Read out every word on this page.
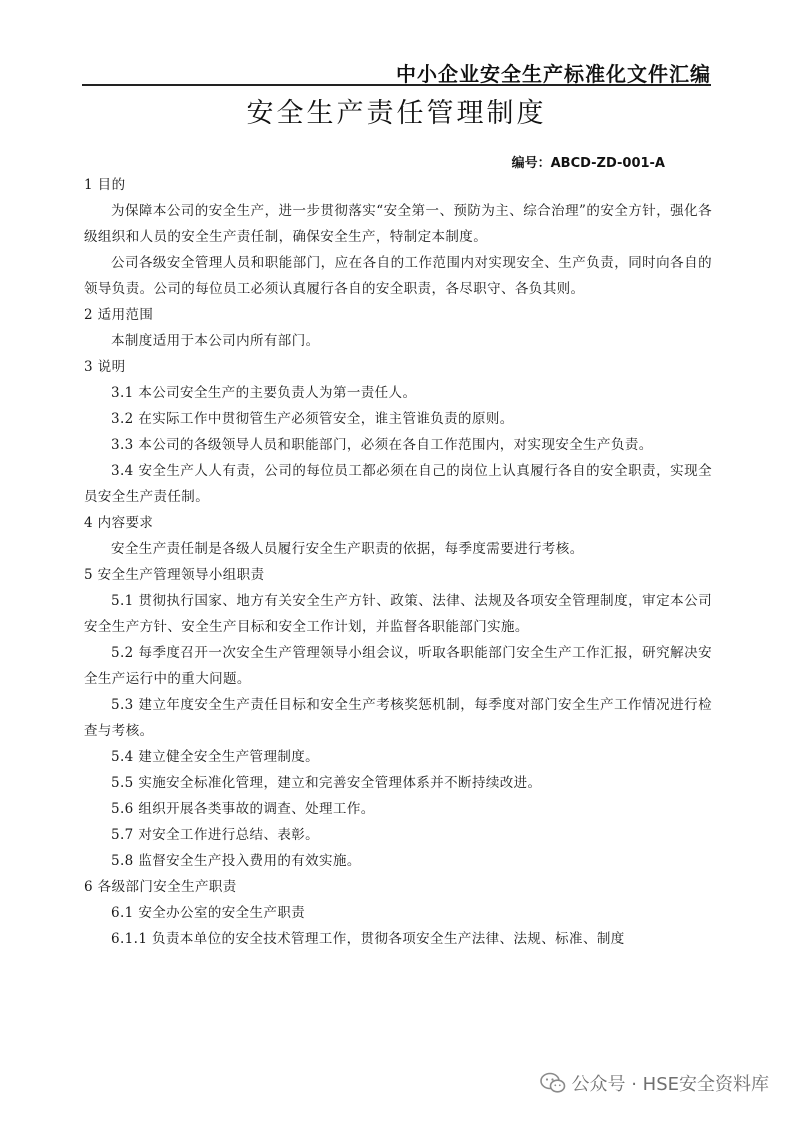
中小企业安全生产标准化文件汇编
安全生产责任管理制度
编号：ABCD-ZD-001-A

1 目的

为保障本公司的安全生产，进一步贯彻落实“安全第一、预防为主、综合治理”的安全方针，强化各级组织和人员的安全生产责任制，确保安全生产，特制定本制度。

公司各级安全管理人员和职能部门，应在各自的工作范围内对实现安全、生产负责，同时向各自的领导负责。公司的每位员工必须认真履行各自的安全职责，各尽职守、各负其则。

2 适用范围

本制度适用于本公司内所有部门。

3 说明

3.1 本公司安全生产的主要负责人为第一责任人。

3.2 在实际工作中贯彻管生产必须管安全，谁主管谁负责的原则。

3.3 本公司的各级领导人员和职能部门，必须在各自工作范围内，对实现安全生产负责。

3.4 安全生产人人有责，公司的每位员工都必须在自己的岗位上认真履行各自的安全职责，实现全员安全生产责任制。

4 内容要求

安全生产责任制是各级人员履行安全生产职责的依据，每季度需要进行考核。

5 安全生产管理领导小组职责

5.1 贯彻执行国家、地方有关安全生产方针、政策、法律、法规及各项安全管理制度，审定本公司安全生产方针、安全生产目标和安全工作计划，并监督各职能部门实施。

5.2 每季度召开一次安全生产管理领导小组会议，听取各职能部门安全生产工作汇报，研究解决安全生产运行中的重大问题。

5.3 建立年度安全生产责任目标和安全生产考核奖惩机制，每季度对部门安全生产工作情况进行检查与考核。

5.4 建立健全安全生产管理制度。

5.5 实施安全标准化管理，建立和完善安全管理体系并不断持续改进。

5.6 组织开展各类事故的调查、处理工作。

5.7 对安全工作进行总结、表彰。

5.8 监督安全生产投入费用的有效实施。

6 各级部门安全生产职责

6.1 安全办公室的安全生产职责

6.1.1 负责本单位的安全技术管理工作，贯彻各项安全生产法律、法规、标准、制度

公众号 · HSE安全资料库
